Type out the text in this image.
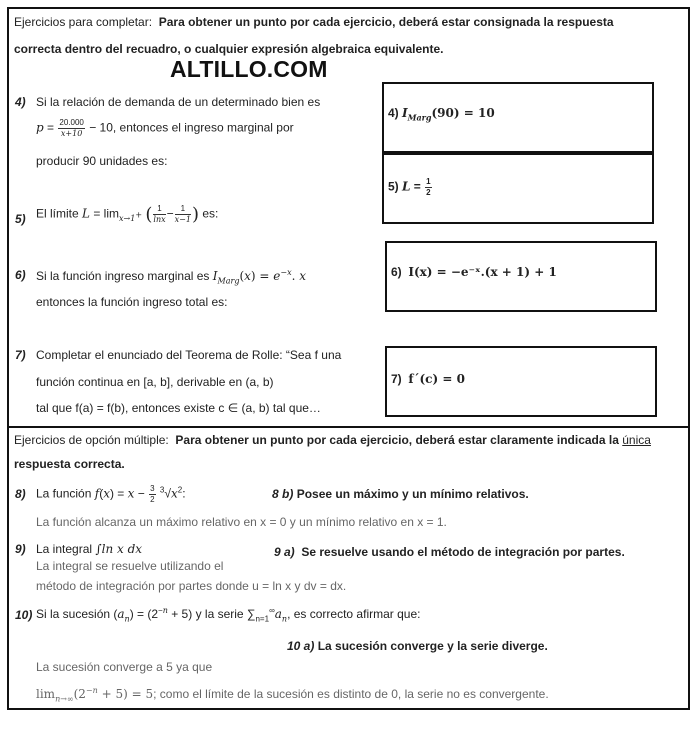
Ejercicios para completar: Para obtener un punto por cada ejercicio, deberá estar consignada la respuesta
correcta dentro del recuadro, o cualquier expresión algebraica equivalente.
ALTILLO.COM
4) Si la relación de demanda de un determinado bien es
$p = \frac{20.000}{x+10} - 10$, entonces el ingreso marginal por
producir 90 unidades es:
4) $I_{Marg}(90) = 10$
5) $L = \frac{1}{2}$
6) I(x) = −e⁻ˣ.(x + 1) + 1
7) f´(c) = 0
5) El límite $L = \lim_{x\to 1^+}$ ( $\frac{1}{\ln x} - \frac{1}{x-1}$ ) es:
6) Si la función ingreso marginal es $I_{Marg}(x) = e^{-x}$. x
entonces la función ingreso total es:
7) Completar el enunciado del Teorema de Rolle: “Sea f una
función continua en [a, b], derivable en (a, b)
tal que f(a) = f(b), entonces existe c ∈ (a, b) tal que…
Ejercicios de opción múltiple: Para obtener un punto por cada ejercicio, deberá estar claramente indicada la única
respuesta correcta.
8) La función $f(x) = x - \frac{3}{2} ^3√x^2$:	8 b) Posee un máximo y un mínimo relativos.
La función alcanza un máximo relativo en x = 0 y un mínimo relativo en x = 1.
9) La integral ∫ln x dx	9 a) Se resuelve usando el método de integración por partes.
La integral se resuelve utilizando el
método de integración por partes donde u = ln x y dv = dx.
10) Si la sucesión $(a_n) = (2^{-n} + 5)$ y la serie $\sum_{n=1}^\infty a_n$, es correcto afirmar que:
10 a) La sucesión converge y la serie diverge.
La sucesión converge a 5 ya que
$\lim_{n\to\infty}(2^{-n} + 5) = 5$; como el límite de la sucesión es distinto de 0, la serie no es convergente.
